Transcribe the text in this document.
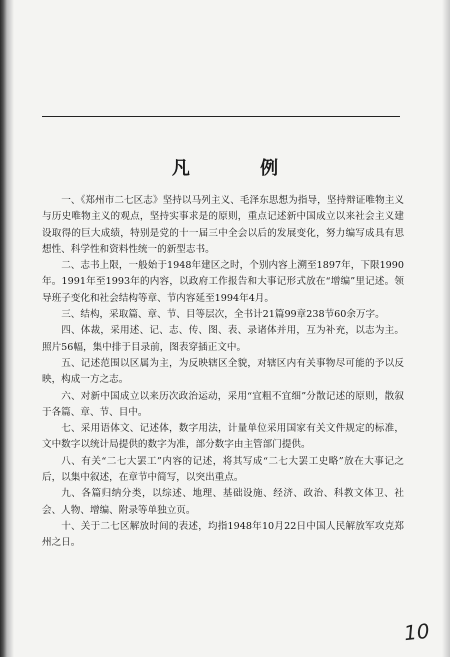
凡 例

一、《郑州市二七区志》坚持以马列主义、毛泽东思想为指导，坚持辩证唯物主义与历史唯物主义的观点，坚持实事求是的原则，重点记述新中国成立以来社会主义建设取得的巨大成绩，特别是党的十一届三中全会以后的发展变化，努力编写成具有思想性、科学性和资料性统一的新型志书。

二、志书上限，一般始于1948年建区之时，个别内容上溯至1897年，下限1990年。1991年至1993年的内容，以政府工作报告和大事记形式放在“增编”里记述。领导班子变化和社会结构等章、节内容延至1994年4月。

三、结构，采取篇、章、节、目等层次，全书计21篇99章238节60余万字。

四、体裁，采用述、记、志、传、图、表、录诸体并用，互为补充，以志为主。照片56幅，集中排于目录前，图表穿插正文中。

五、记述范围以区属为主，为反映辖区全貌，对辖区内有关事物尽可能的予以反映，构成一方之志。

六、对新中国成立以来历次政治运动，采用“宜粗不宜细”分散记述的原则，散叙于各篇、章、节、目中。

七、采用语体文、记述体，数字用法，计量单位采用国家有关文件规定的标准，文中数字以统计局提供的数字为准，部分数字由主管部门提供。

八、有关“二七大罢工”内容的记述，将其写成“二七大罢工史略”放在大事记之后，以集中叙述，在章节中简写，以突出重点。

九、各篇归纳分类，以综述、地理、基础设施、经济、政治、科教文体卫、社会、人物、增编、附录等单独立页。

十、关于二七区解放时间的表述，均指1948年10月22日中国人民解放军攻克郑州之日。

10
